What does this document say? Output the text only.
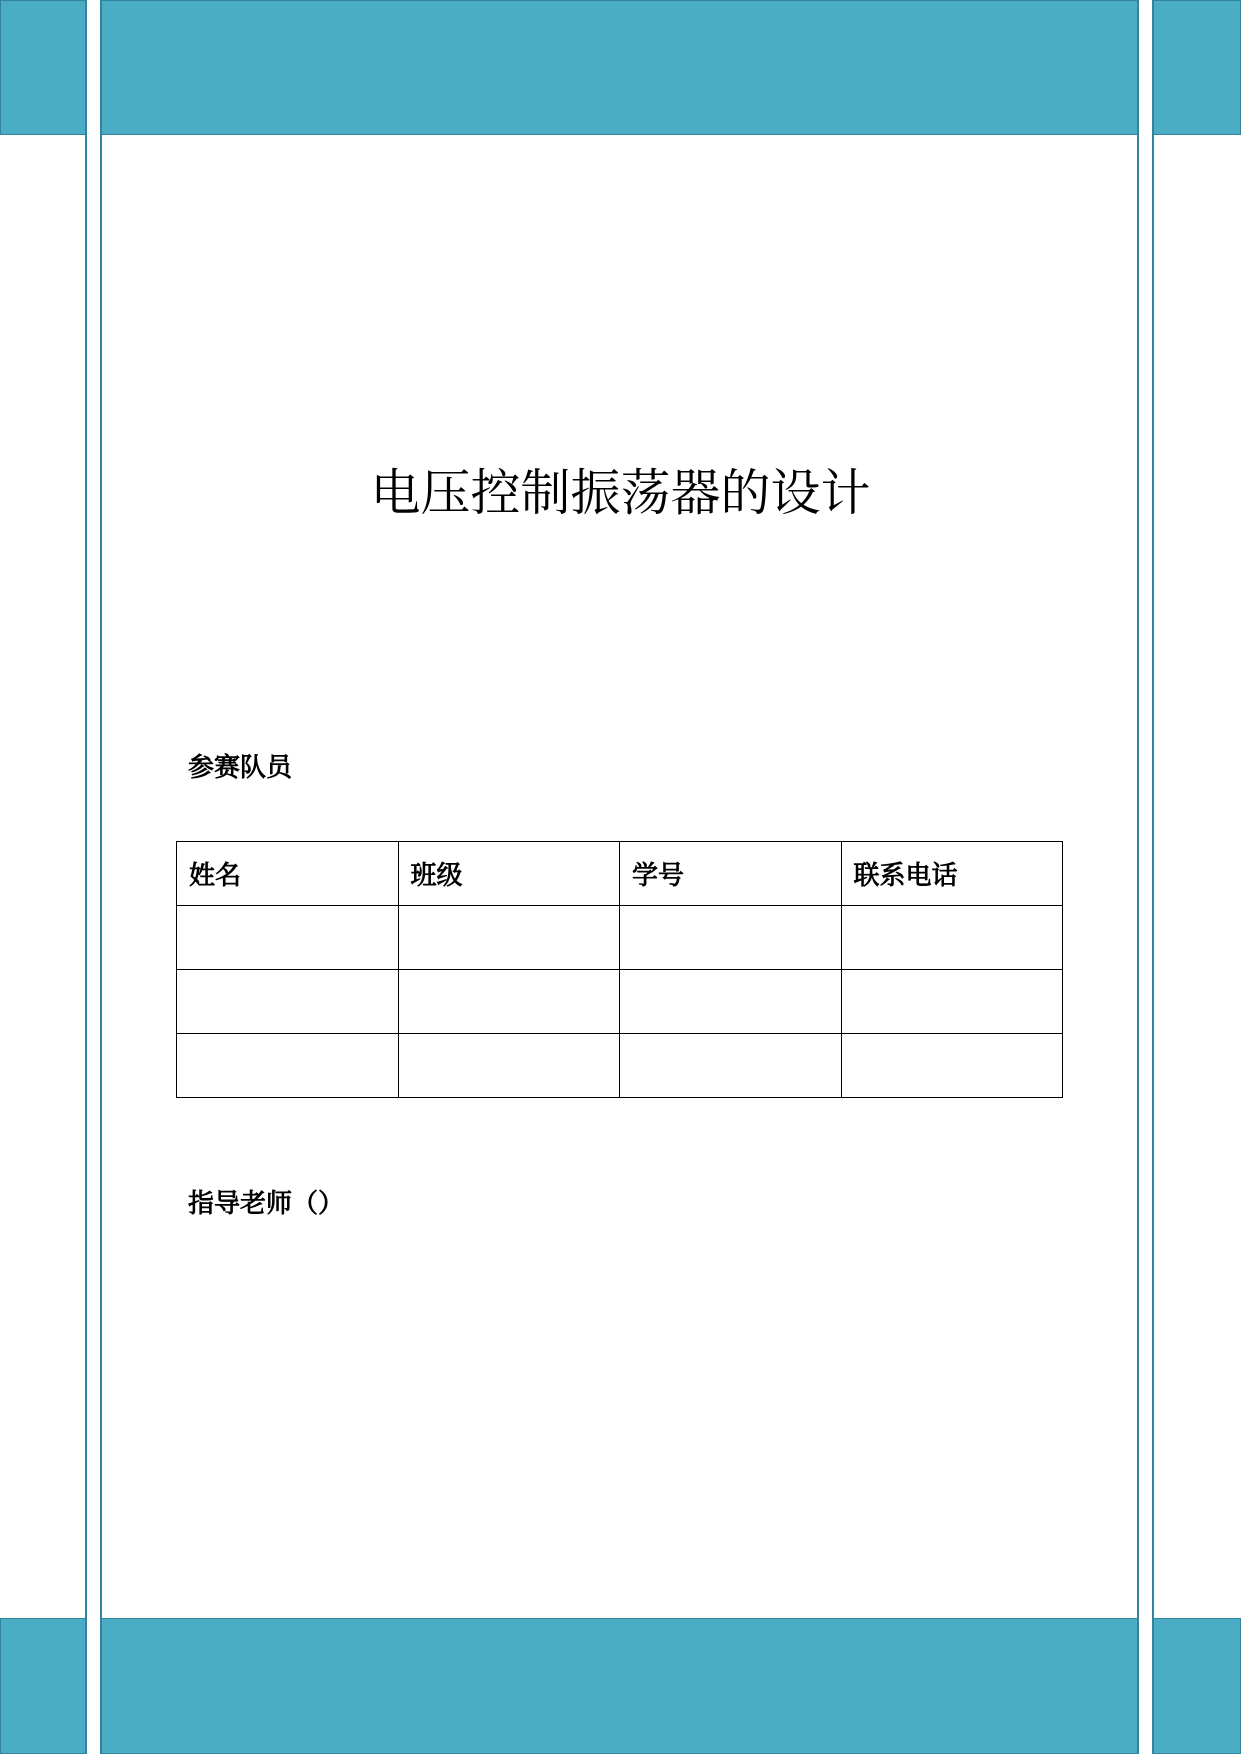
电压控制振荡器的设计

参赛队员

姓名	班级	学号	联系电话

指导老师（）
